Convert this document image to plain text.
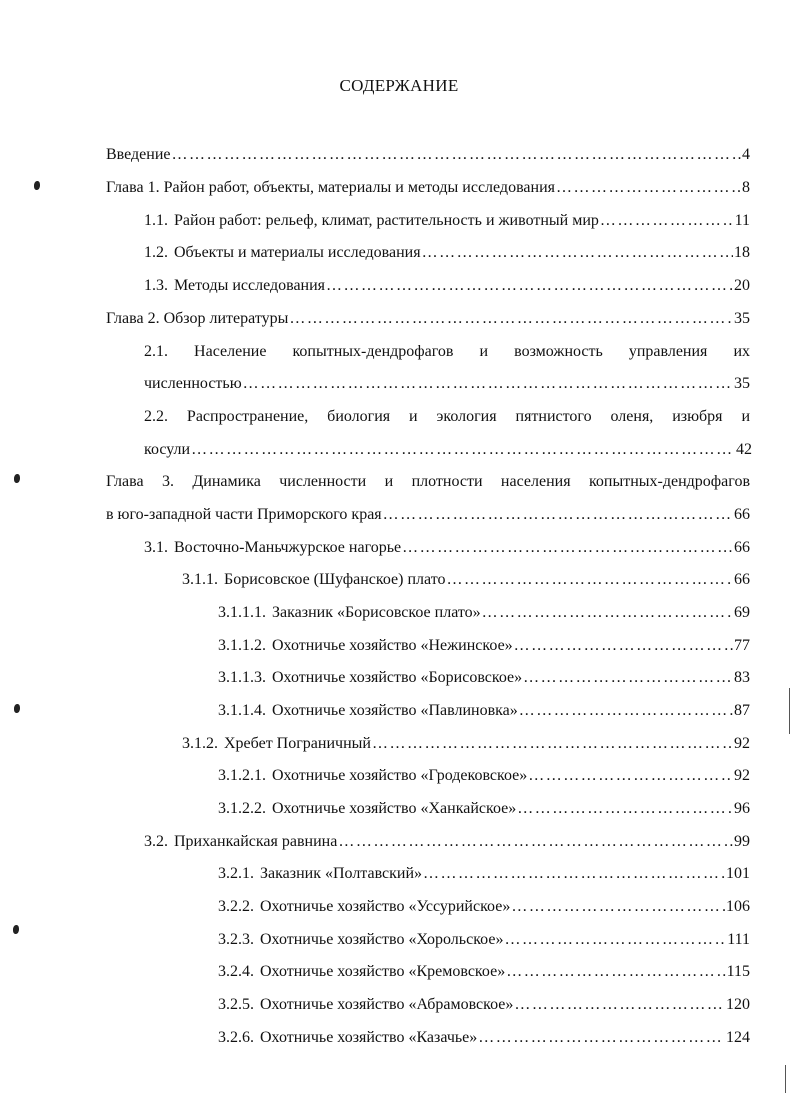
СОДЕРЖАНИЕ
Введение …………………………………………………………………………………………………………………………………………………………………………	4
Глава 1. Район работ, объекты, материалы и методы исследования …………………………………………………………………………………………………………………………………………………………………………	8
1.1. Район работ: рельеф, климат, растительность и животный мир …………………………………………………………………………………………………………………………………………………………………………	11
1.2. Объекты и материалы исследования …………………………………………………………………………………………………………………………………………………………………………	18
1.3. Методы исследования …………………………………………………………………………………………………………………………………………………………………………	20
Глава 2. Обзор литературы …………………………………………………………………………………………………………………………………………………………………………	35
2.1. Население копытных-дендрофагов и возможность управления их
численностью …………………………………………………………………………………………………………………………………………………………………………	35
2.2. Распространение, биология и экология пятнистого оленя, изюбря и
косули …………………………………………………………………………………………………………………………………………………………………………	42
Глава 3. Динамика численности и плотности населения копытных-дендрофагов
в юго-западной части Приморского края …………………………………………………………………………………………………………………………………………………………………………	66
3.1. Восточно-Маньчжурское нагорье …………………………………………………………………………………………………………………………………………………………………………	66
3.1.1. Борисовское (Шуфанское) плато …………………………………………………………………………………………………………………………………………………………………………	66
3.1.1.1. Заказник «Борисовское плато» …………………………………………………………………………………………………………………………………………………………………………	69
3.1.1.2. Охотничье хозяйство «Нежинское» …………………………………………………………………………………………………………………………………………………………………………	77
3.1.1.3. Охотничье хозяйство «Борисовское» …………………………………………………………………………………………………………………………………………………………………………	83
3.1.1.4. Охотничье хозяйство «Павлиновка» …………………………………………………………………………………………………………………………………………………………………………	87
3.1.2. Хребет Пограничный …………………………………………………………………………………………………………………………………………………………………………	92
3.1.2.1. Охотничье хозяйство «Гродековское» …………………………………………………………………………………………………………………………………………………………………………	92
3.1.2.2. Охотничье хозяйство «Ханкайское» …………………………………………………………………………………………………………………………………………………………………………	96
3.2. Приханкайская равнина …………………………………………………………………………………………………………………………………………………………………………	99
3.2.1. Заказник «Полтавский» …………………………………………………………………………………………………………………………………………………………………………	101
3.2.2. Охотничье хозяйство «Уссурийское» …………………………………………………………………………………………………………………………………………………………………………	106
3.2.3. Охотничье хозяйство «Хорольское» …………………………………………………………………………………………………………………………………………………………………………	111
3.2.4. Охотничье хозяйство «Кремовское» …………………………………………………………………………………………………………………………………………………………………………	115
3.2.5. Охотничье хозяйство «Абрамовское» …………………………………………………………………………………………………………………………………………………………………………	120
3.2.6. Охотничье хозяйство «Казачье» …………………………………………………………………………………………………………………………………………………………………………	124
